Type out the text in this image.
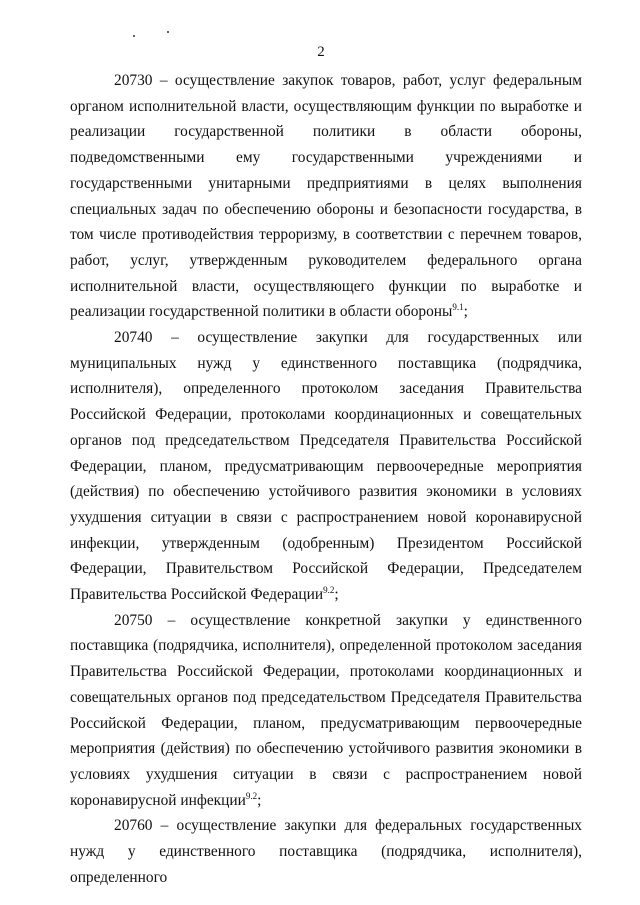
2

20730 – осуществление закупок товаров, работ, услуг федеральным органом исполнительной власти, осуществляющим функции по выработке и реализации государственной политики в области обороны, подведомственными ему государственными учреждениями и государственными унитарными предприятиями в целях выполнения специальных задач по обеспечению обороны и безопасности государства, в том числе противодействия терроризму, в соответствии с перечнем товаров, работ, услуг, утвержденным руководителем федерального органа исполнительной власти, осуществляющего функции по выработке и реализации государственной политики в области обороны$^{9.1}$;

20740 – осуществление закупки для государственных или муниципальных нужд у единственного поставщика (подрядчика, исполнителя), определенного протоколом заседания Правительства Российской Федерации, протоколами координационных и совещательных органов под председательством Председателя Правительства Российской Федерации, планом, предусматривающим первоочередные мероприятия (действия) по обеспечению устойчивого развития экономики в условиях ухудшения ситуации в связи с распространением новой коронавирусной инфекции, утвержденным (одобренным) Президентом Российской Федерации, Правительством Российской Федерации, Председателем Правительства Российской Федерации$^{9.2}$;

20750 – осуществление конкретной закупки у единственного поставщика (подрядчика, исполнителя), определенной протоколом заседания Правительства Российской Федерации, протоколами координационных и совещательных органов под председательством Председателя Правительства Российской Федерации, планом, предусматривающим первоочередные мероприятия (действия) по обеспечению устойчивого развития экономики в условиях ухудшения ситуации в связи с распространением новой коронавирусной инфекции$^{9.2}$;

20760 – осуществление закупки для федеральных государственных нужд у единственного поставщика (подрядчика, исполнителя), определенного
